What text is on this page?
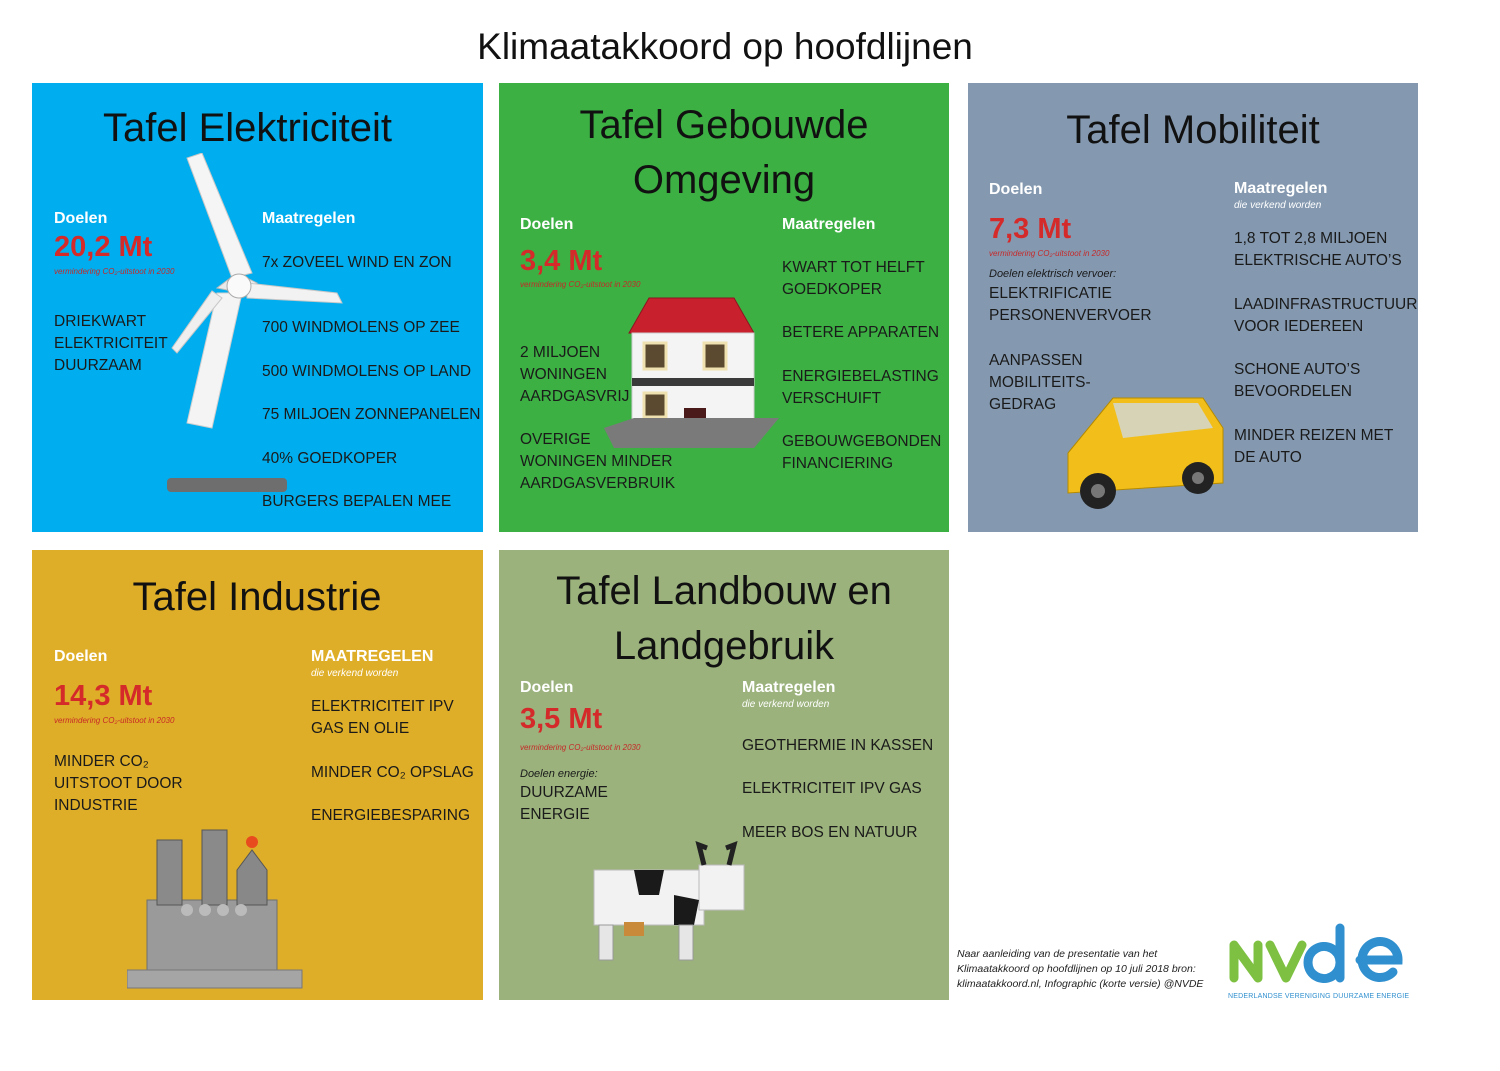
Klimaatakkoord op hoofdlijnen
Tafel Elektriciteit
Doelen
20,2 Mt
vermindering CO₂-uitstoot in 2030
Maatregelen
DRIEKWART
ELEKTRICITEIT
DUURZAAM
7x ZOVEEL WIND EN ZON
700 WINDMOLENS OP ZEE
500 WINDMOLENS OP LAND
75 MILJOEN ZONNEPANELEN
40% GOEDKOPER
BURGERS BEPALEN MEE
Tafel Gebouwde Omgeving
Doelen
3,4 Mt
vermindering CO₂-uitstoot in 2030
Maatregelen
2 MILJOEN
WONINGEN
AARDGASVRIJ
OVERIGE
WONINGEN MINDER
AARDGASVERBRUIK
KWART TOT HELFT
GOEDKOPER
BETERE APPARATEN
ENERGIEBELASTING
VERSCHUIFT
GEBOUWGEBONDEN
FINANCIERING
Tafel Mobiliteit
Doelen
7,3 Mt
vermindering CO₂-uitstoot in 2030
Doelen elektrisch vervoer:
Maatregelen
die verkend worden
ELEKTRIFICATIE
PERSONENVERVOER
AANPASSEN
MOBILITEITS-
GEDRAG
1,8 TOT 2,8 MILJOEN
ELEKTRISCHE AUTO’S
LAADINFRASTRUCTUUR
VOOR IEDEREEN
SCHONE AUTO’S
BEVOORDELEN
MINDER REIZEN MET
DE AUTO
Tafel Industrie
Doelen
14,3 Mt
vermindering CO₂-uitstoot in 2030
MAATREGELEN
die verkend worden
MINDER CO₂
UITSTOOT DOOR
INDUSTRIE
ELEKTRICITEIT IPV
GAS EN OLIE
MINDER CO₂ OPSLAG
ENERGIEBESPARING
Tafel Landbouw en Landgebruik
Doelen
3,5 Mt
vermindering CO₂-uitstoot in 2030
Doelen energie:
Maatregelen
die verkend worden
DUURZAME
ENERGIE
GEOTHERMIE IN KASSEN
ELEKTRICITEIT IPV GAS
MEER BOS EN NATUUR
Naar aanleiding van de presentatie van het Klimaatakkoord op hoofdlijnen op 10 juli 2018 bron: klimaatakkoord.nl, Infographic (korte versie) @NVDE
NEDERLANDSE VERENIGING DUURZAME ENERGIE
